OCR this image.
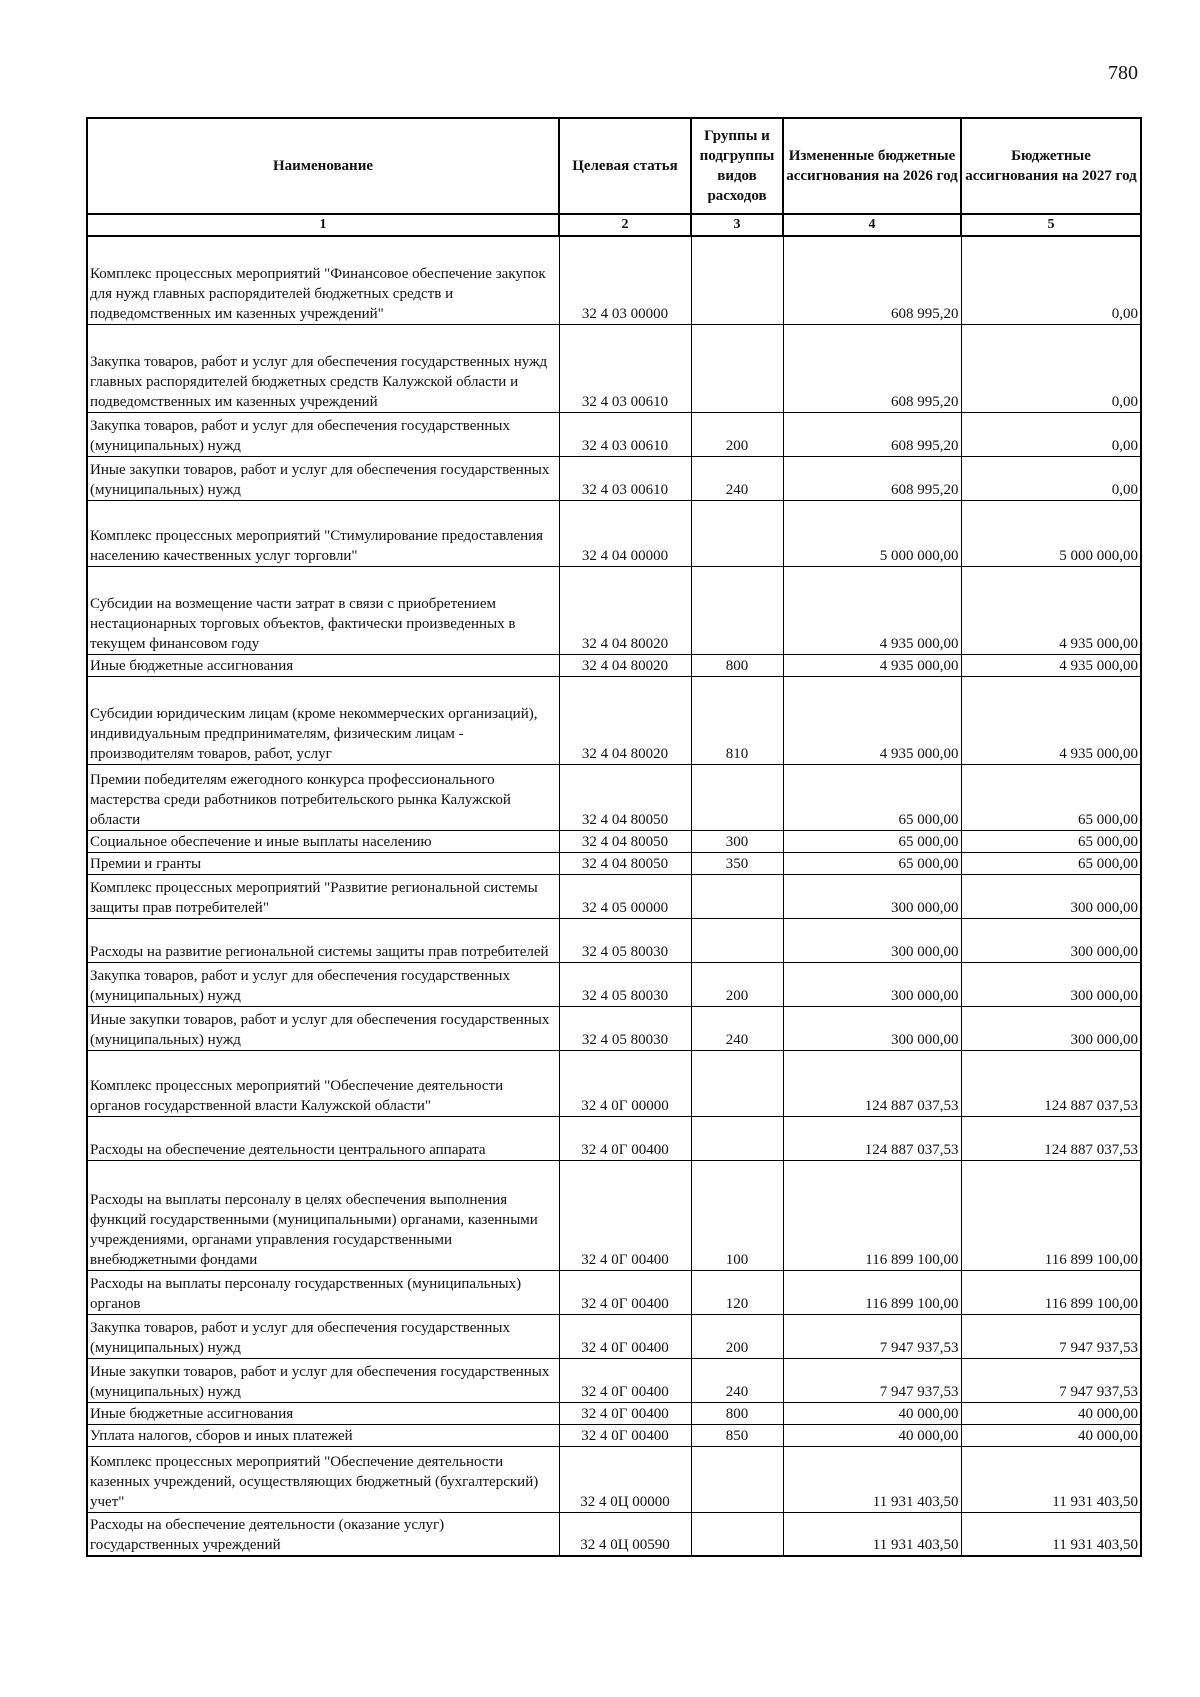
780
Наименование	Целевая статья	Группы и подгруппы видов расходов	Измененные бюджетные ассигнования на 2026 год	Бюджетные ассигнования на 2027 год
1	2	3	4	5
Комплекс процессных мероприятий "Финансовое обеспечение закупок для нужд главных распорядителей бюджетных средств и подведомственных им казенных учреждений"	32 4 03 00000		608 995,20	0,00
Закупка товаров, работ и услуг для обеспечения государственных нужд главных распорядителей бюджетных средств Калужской области и подведомственных им казенных учреждений	32 4 03 00610		608 995,20	0,00
Закупка товаров, работ и услуг для обеспечения государственных (муниципальных) нужд	32 4 03 00610	200	608 995,20	0,00
Иные закупки товаров, работ и услуг для обеспечения государственных (муниципальных) нужд	32 4 03 00610	240	608 995,20	0,00
Комплекс процессных мероприятий "Стимулирование предоставления населению качественных услуг торговли"	32 4 04 00000		5 000 000,00	5 000 000,00
Субсидии на возмещение части затрат в связи с приобретением нестационарных торговых объектов, фактически произведенных в текущем финансовом году	32 4 04 80020		4 935 000,00	4 935 000,00
Иные бюджетные ассигнования	32 4 04 80020	800	4 935 000,00	4 935 000,00
Субсидии юридическим лицам (кроме некоммерческих организаций), индивидуальным предпринимателям, физическим лицам - производителям товаров, работ, услуг	32 4 04 80020	810	4 935 000,00	4 935 000,00
Премии победителям ежегодного конкурса профессионального мастерства среди работников потребительского рынка Калужской области	32 4 04 80050		65 000,00	65 000,00
Социальное обеспечение и иные выплаты населению	32 4 04 80050	300	65 000,00	65 000,00
Премии и гранты	32 4 04 80050	350	65 000,00	65 000,00
Комплекс процессных мероприятий "Развитие региональной системы защиты прав потребителей"	32 4 05 00000		300 000,00	300 000,00
Расходы на развитие региональной системы защиты прав потребителей	32 4 05 80030		300 000,00	300 000,00
Закупка товаров, работ и услуг для обеспечения государственных (муниципальных) нужд	32 4 05 80030	200	300 000,00	300 000,00
Иные закупки товаров, работ и услуг для обеспечения государственных (муниципальных) нужд	32 4 05 80030	240	300 000,00	300 000,00
Комплекс процессных мероприятий "Обеспечение деятельности органов государственной власти Калужской области"	32 4 0Г 00000		124 887 037,53	124 887 037,53
Расходы на обеспечение деятельности центрального аппарата	32 4 0Г 00400		124 887 037,53	124 887 037,53
Расходы на выплаты персоналу в целях обеспечения выполнения функций государственными (муниципальными) органами, казенными учреждениями, органами управления государственными внебюджетными фондами	32 4 0Г 00400	100	116 899 100,00	116 899 100,00
Расходы на выплаты персоналу государственных (муниципальных) органов	32 4 0Г 00400	120	116 899 100,00	116 899 100,00
Закупка товаров, работ и услуг для обеспечения государственных (муниципальных) нужд	32 4 0Г 00400	200	7 947 937,53	7 947 937,53
Иные закупки товаров, работ и услуг для обеспечения государственных (муниципальных) нужд	32 4 0Г 00400	240	7 947 937,53	7 947 937,53
Иные бюджетные ассигнования	32 4 0Г 00400	800	40 000,00	40 000,00
Уплата налогов, сборов и иных платежей	32 4 0Г 00400	850	40 000,00	40 000,00
Комплекс процессных мероприятий "Обеспечение деятельности казенных учреждений, осуществляющих бюджетный (бухгалтерский) учет"	32 4 0Ц 00000		11 931 403,50	11 931 403,50
Расходы на обеспечение деятельности (оказание услуг) государственных учреждений	32 4 0Ц 00590		11 931 403,50	11 931 403,50
